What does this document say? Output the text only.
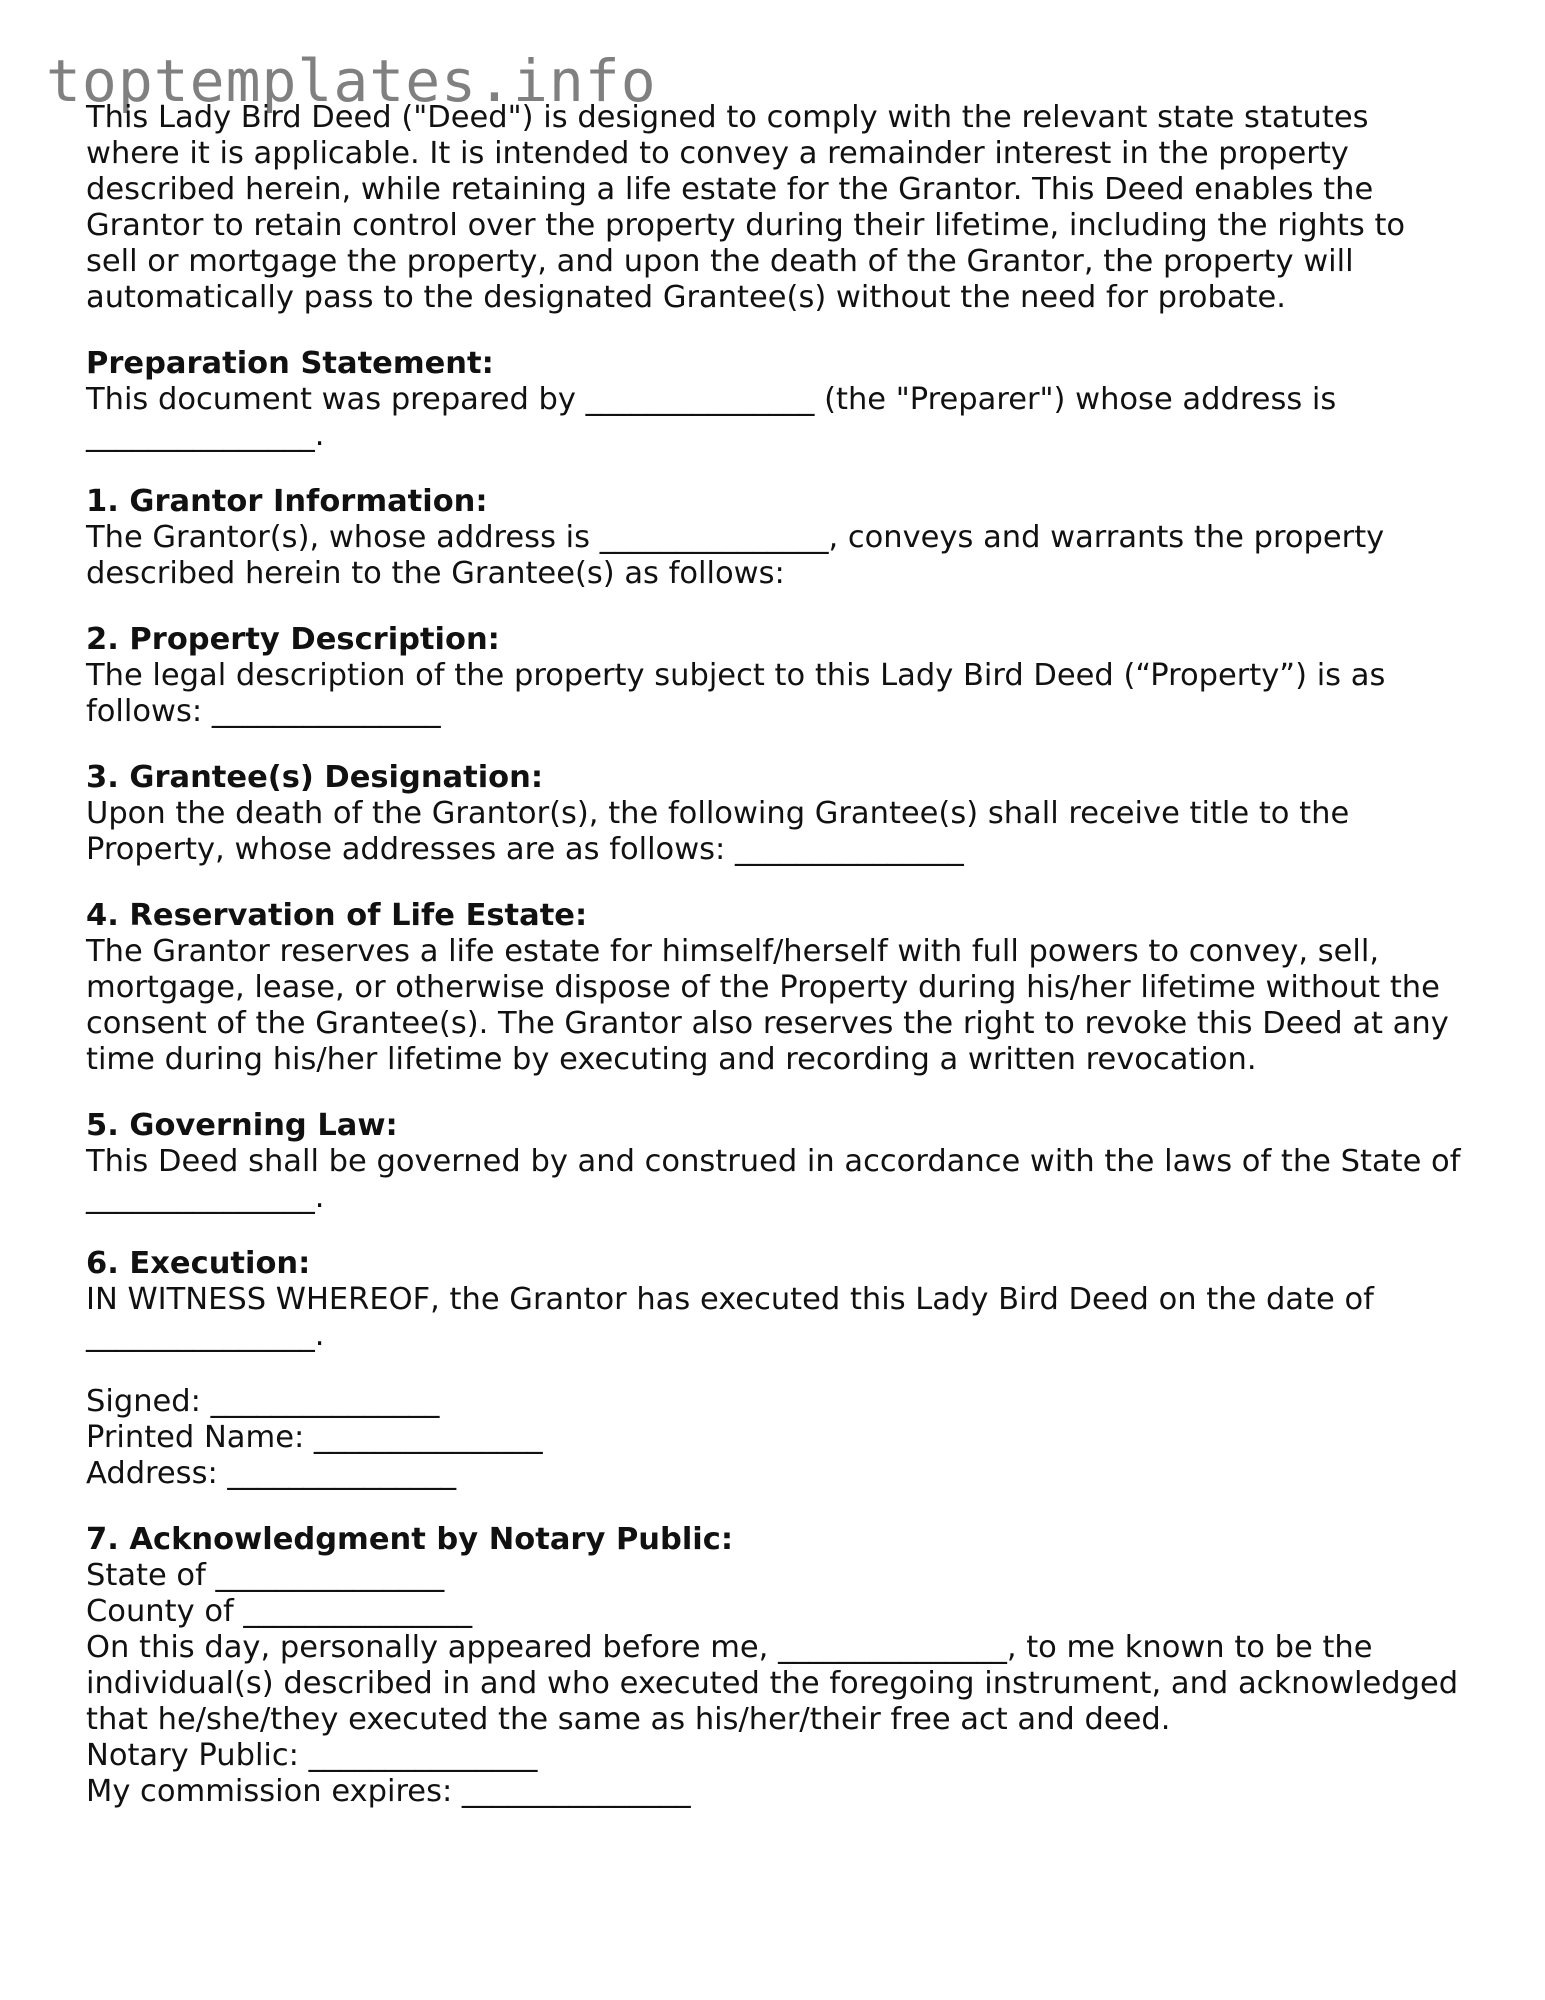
toptemplates.info

This Lady Bird Deed ("Deed") is designed to comply with the relevant state statutes where it is applicable. It is intended to convey a remainder interest in the property described herein, while retaining a life estate for the Grantor. This Deed enables the Grantor to retain control over the property during their lifetime, including the rights to sell or mortgage the property, and upon the death of the Grantor, the property will automatically pass to the designated Grantee(s) without the need for probate.

Preparation Statement:

This document was prepared by _______________ (the "Preparer") whose address is _______________.

1. Grantor Information:

The Grantor(s), whose address is _______________, conveys and warrants the property described herein to the Grantee(s) as follows:

2. Property Description:

The legal description of the property subject to this Lady Bird Deed (“Property”) is as follows: _______________

3. Grantee(s) Designation:

Upon the death of the Grantor(s), the following Grantee(s) shall receive title to the Property, whose addresses are as follows: _______________

4. Reservation of Life Estate:

The Grantor reserves a life estate for himself/herself with full powers to convey, sell, mortgage, lease, or otherwise dispose of the Property during his/her lifetime without the consent of the Grantee(s). The Grantor also reserves the right to revoke this Deed at any time during his/her lifetime by executing and recording a written revocation.

5. Governing Law:

This Deed shall be governed by and construed in accordance with the laws of the State of _______________.

6. Execution:

IN WITNESS WHEREOF, the Grantor has executed this Lady Bird Deed on the date of _______________.

Signed: _______________

Printed Name: _______________

Address: _______________

7. Acknowledgment by Notary Public:

State of _______________

County of _______________

On this day, personally appeared before me, _______________, to me known to be the individual(s) described in and who executed the foregoing instrument, and acknowledged that he/she/they executed the same as his/her/their free act and deed.

Notary Public: _______________

My commission expires: _______________
